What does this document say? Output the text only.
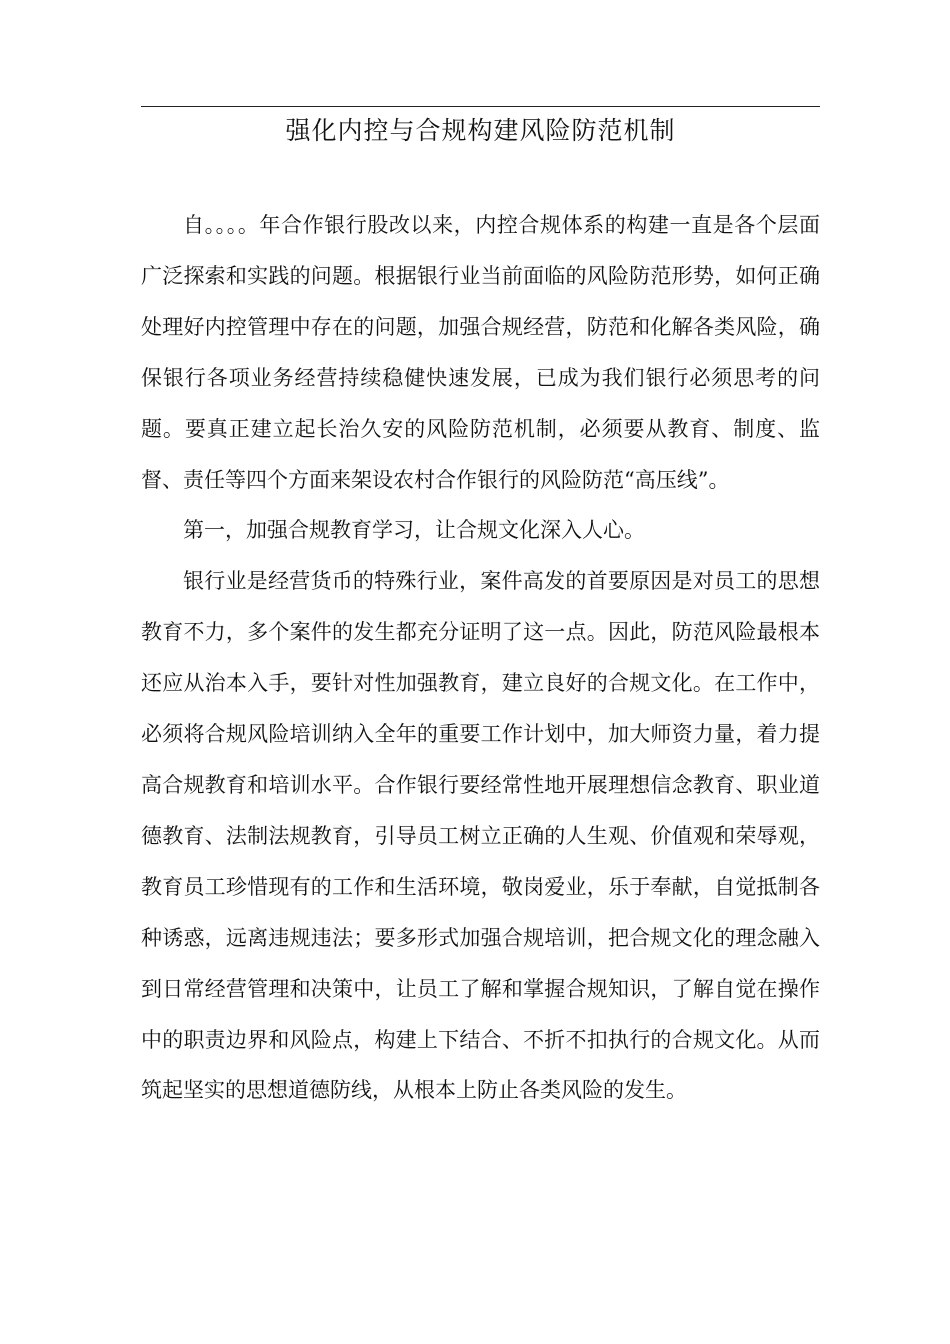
强化内控与合规构建风险防范机制

自。。。。年合作银行股改以来，内控合规体系的构建一直是各个层面广泛探索和实践的问题。根据银行业当前面临的风险防范形势，如何正确处理好内控管理中存在的问题，加强合规经营，防范和化解各类风险，确保银行各项业务经营持续稳健快速发展，已成为我们银行必须思考的问题。要真正建立起长治久安的风险防范机制，必须要从教育、制度、监督、责任等四个方面来架设农村合作银行的风险防范“高压线”。

第一，加强合规教育学习，让合规文化深入人心。

银行业是经营货币的特殊行业，案件高发的首要原因是对员工的思想教育不力，多个案件的发生都充分证明了这一点。因此，防范风险最根本还应从治本入手，要针对性加强教育，建立良好的合规文化。在工作中，必须将合规风险培训纳入全年的重要工作计划中，加大师资力量，着力提高合规教育和培训水平。合作银行要经常性地开展理想信念教育、职业道德教育、法制法规教育，引导员工树立正确的人生观、价值观和荣辱观，教育员工珍惜现有的工作和生活环境，敬岗爱业，乐于奉献，自觉抵制各种诱惑，远离违规违法；要多形式加强合规培训，把合规文化的理念融入到日常经营管理和决策中，让员工了解和掌握合规知识，了解自觉在操作中的职责边界和风险点，构建上下结合、不折不扣执行的合规文化。从而筑起坚实的思想道德防线，从根本上防止各类风险的发生。
